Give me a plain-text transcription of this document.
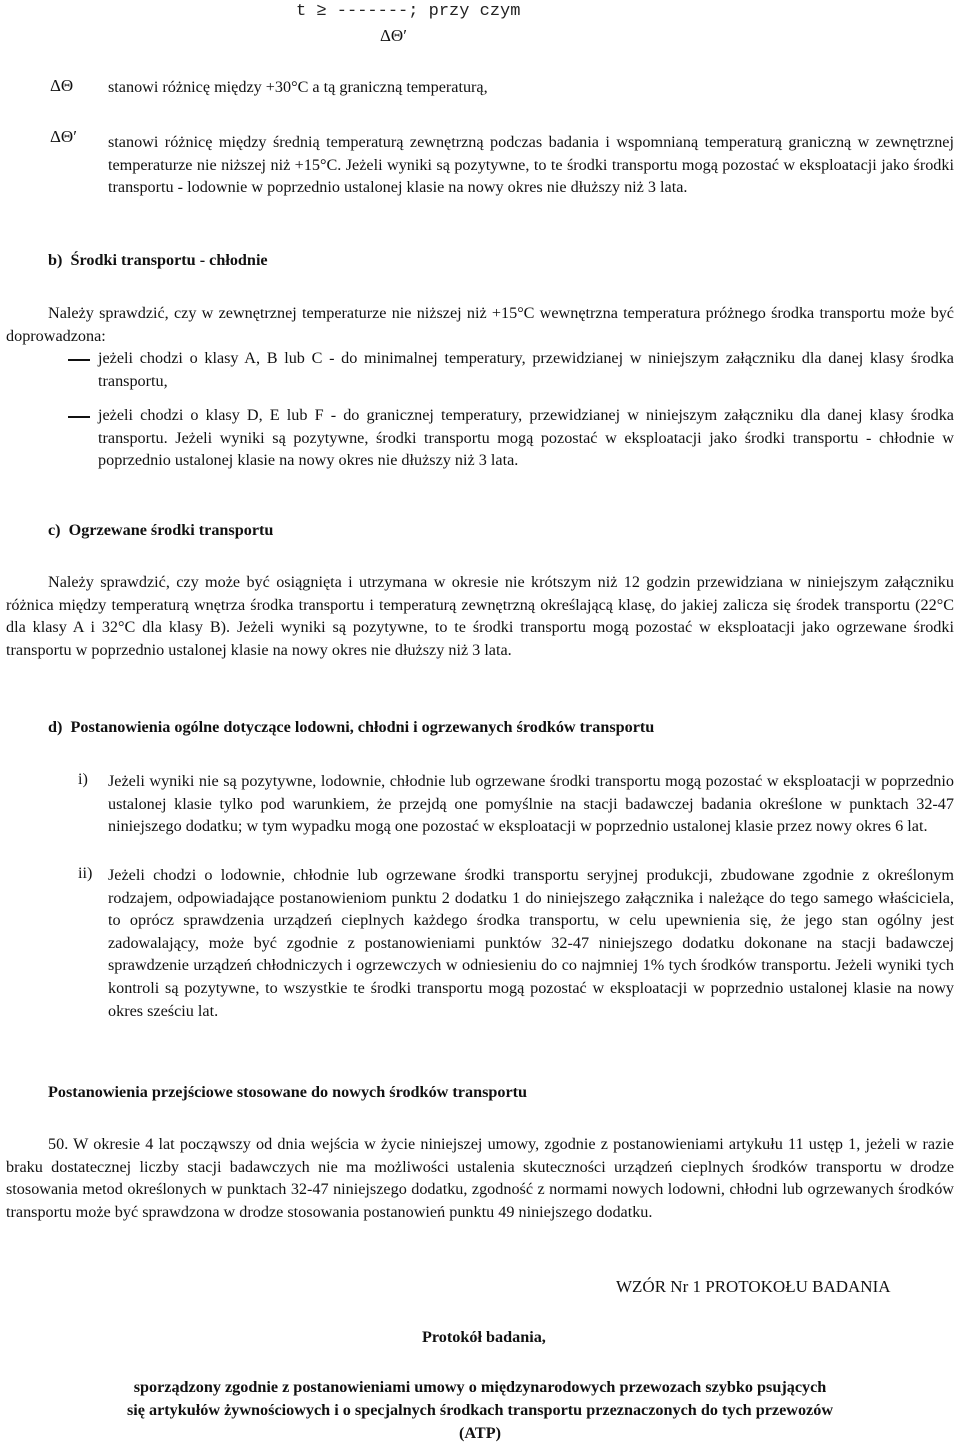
t ≥ -------; przy czym
ΔΘ′
ΔΘ stanowi różnicę między +30°C a tą graniczną temperaturą,

ΔΘ′ stanowi różnicę między średnią temperaturą zewnętrzną podczas badania i wspomnianą temperaturą graniczną w zewnętrznej temperaturze nie niższej niż +15°C. Jeżeli wyniki są pozytywne, to te środki transportu mogą pozostać w eksploatacji jako środki transportu - lodownie w poprzednio ustalonej klasie na nowy okres nie dłuższy niż 3 lata.

b)  Środki transportu - chłodnie

Należy sprawdzić, czy w zewnętrznej temperaturze nie niższej niż +15°C wewnętrzna temperatura próżnego środka transportu może być doprowadzona:

jeżeli chodzi o klasy A, B lub C - do minimalnej temperatury, przewidzianej w niniejszym załączniku dla danej klasy środka transportu,

jeżeli chodzi o klasy D, E lub F - do granicznej temperatury, przewidzianej w niniejszym załączniku dla danej klasy środka transportu. Jeżeli wyniki są pozytywne, środki transportu mogą pozostać w eksploatacji jako środki transportu - chłodnie w poprzednio ustalonej klasie na nowy okres nie dłuższy niż 3 lata.

c)  Ogrzewane środki transportu

Należy sprawdzić, czy może być osiągnięta i utrzymana w okresie nie krótszym niż 12 godzin przewidziana w niniejszym załączniku różnica między temperaturą wnętrza środka transportu i temperaturą zewnętrzną określającą klasę, do jakiej zalicza się środek transportu (22°C dla klasy A i 32°C dla klasy B). Jeżeli wyniki są pozytywne, to te środki transportu mogą pozostać w eksploatacji jako ogrzewane środki transportu w poprzednio ustalonej klasie na nowy okres nie dłuższy niż 3 lata.

d)  Postanowienia ogólne dotyczące lodowni, chłodni i ogrzewanych środków transportu
i) Jeżeli wyniki nie są pozytywne, lodownie, chłodnie lub ogrzewane środki transportu mogą pozostać w eksploatacji w poprzednio ustalonej klasie tylko pod warunkiem, że przejdą one pomyślnie na stacji badawczej badania określone w punktach 32-47 niniejszego dodatku; w tym wypadku mogą one pozostać w eksploatacji w poprzednio ustalonej klasie przez nowy okres 6 lat.

ii) Jeżeli chodzi o lodownie, chłodnie lub ogrzewane środki transportu seryjnej produkcji, zbudowane zgodnie z określonym rodzajem, odpowiadające postanowieniom punktu 2 dodatku 1 do niniejszego załącznika i należące do tego samego właściciela, to oprócz sprawdzenia urządzeń cieplnych każdego środka transportu, w celu upewnienia się, że jego stan ogólny jest zadowalający, może być zgodnie z postanowieniami punktów 32-47 niniejszego dodatku dokonane na stacji badawczej sprawdzenie urządzeń chłodniczych i ogrzewczych w odniesieniu do co najmniej 1% tych środków transportu. Jeżeli wyniki tych kontroli są pozytywne, to wszystkie te środki transportu mogą pozostać w eksploatacji w poprzednio ustalonej klasie na nowy okres sześciu lat.

Postanowienia przejściowe stosowane do nowych środków transportu

50. W okresie 4 lat począwszy od dnia wejścia w życie niniejszej umowy, zgodnie z postanowieniami artykułu 11 ustęp 1, jeżeli w razie braku dostatecznej liczby stacji badawczych nie ma możliwości ustalenia skuteczności urządzeń cieplnych środków transportu w drodze stosowania metod określonych w punktach 32-47 niniejszego dodatku, zgodność z normami nowych lodowni, chłodni lub ogrzewanych środków transportu może być sprawdzona w drodze stosowania postanowień punktu 49 niniejszego dodatku.

WZÓR Nr 1 PROTOKOŁU BADANIA
Protokół badania,
sporządzony zgodnie z postanowieniami umowy o międzynarodowych przewozach szybko psujących
się artykułów żywnościowych i o specjalnych środkach transportu przeznaczonych do tych przewozów
(ATP)
